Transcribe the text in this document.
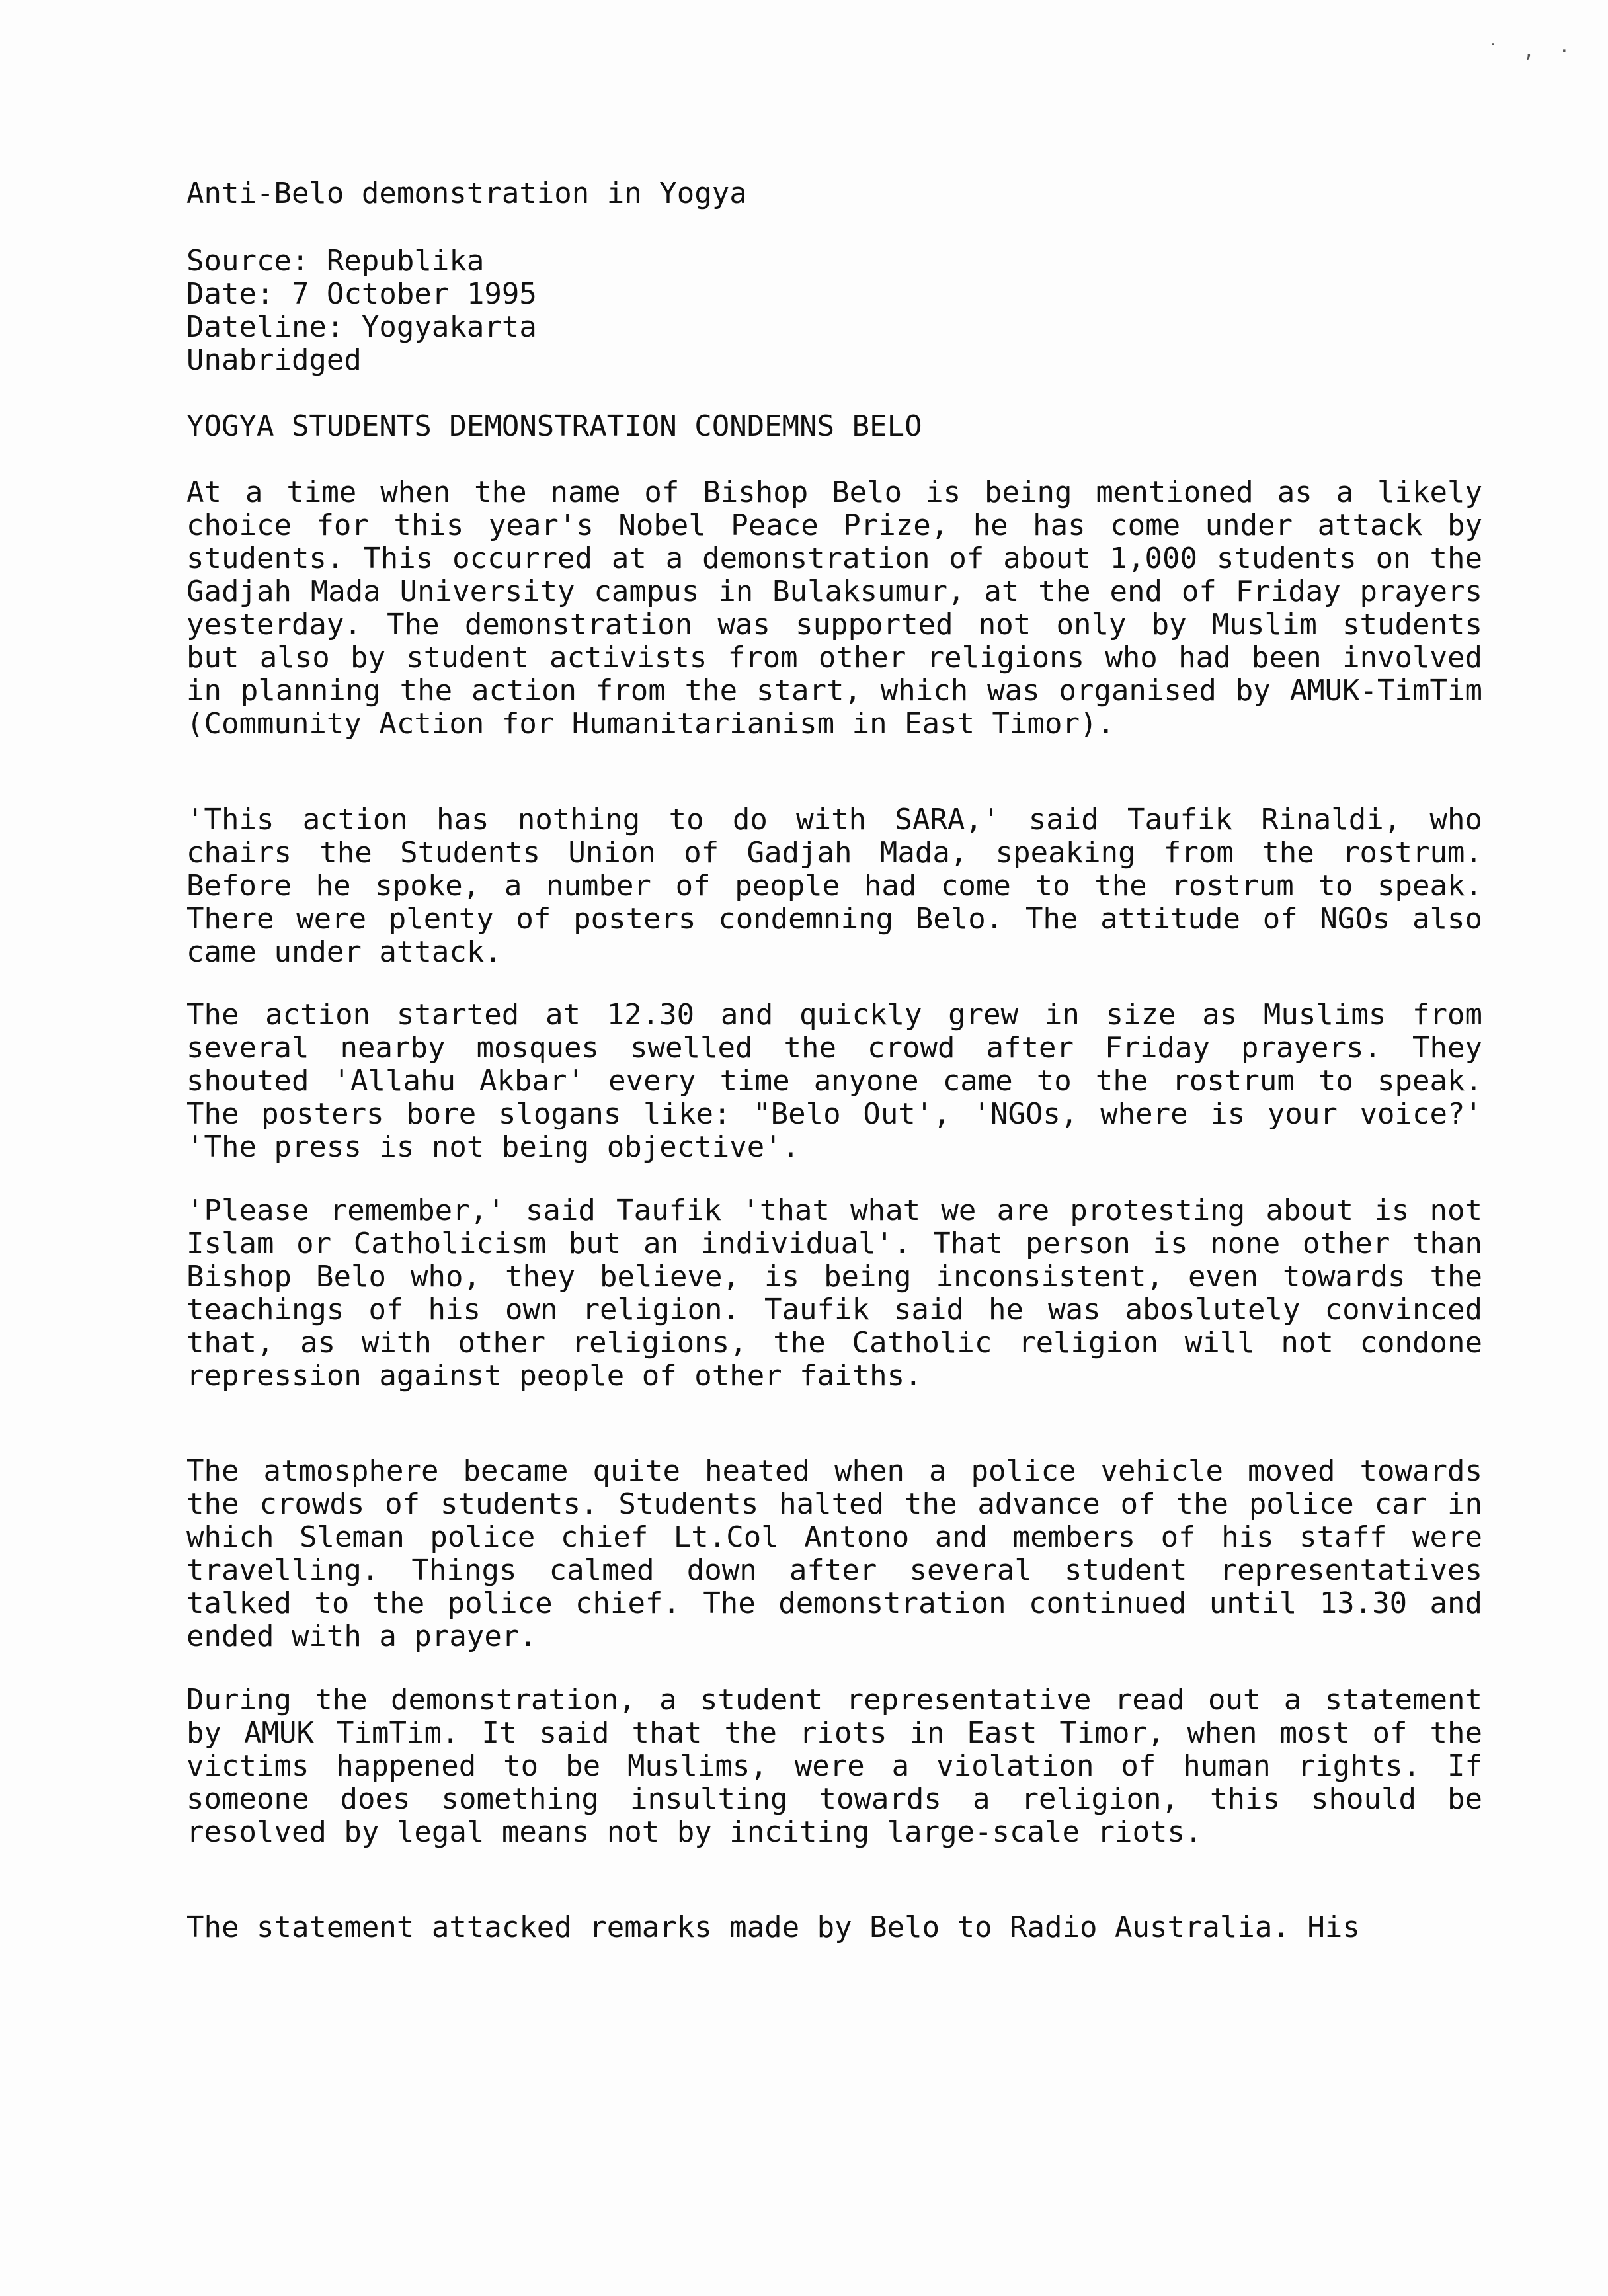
˙ , ·
Anti-Belo demonstration in Yogya
Source: Republika
Date: 7 October 1995
Dateline: Yogyakarta
Unabridged
YOGYA STUDENTS DEMONSTRATION CONDEMNS BELO

At a time when the name of Bishop Belo is being mentioned as a likely choice for this year's Nobel Peace Prize, he has come under attack by students. This occurred at a demonstration of about 1,000 students on the Gadjah Mada University campus in Bulaksumur, at the end of Friday prayers yesterday. The demonstration was supported not only by Muslim students but also by student activists from other religions who had been involved in planning the action from the start, which was organised by AMUK-TimTim (Community Action for Humanitarianism in East Timor).

'This action has nothing to do with SARA,' said Taufik Rinaldi, who chairs the Students Union of Gadjah Mada, speaking from the rostrum. Before he spoke, a number of people had come to the rostrum to speak. There were plenty of posters condemning Belo. The attitude of NGOs also came under attack.

The action started at 12.30 and quickly grew in size as Muslims from several nearby mosques swelled the crowd after Friday prayers. They shouted 'Allahu Akbar' every time anyone came to the rostrum to speak. The posters bore slogans like: "Belo Out', 'NGOs, where is your voice?' 'The press is not being objective'.

'Please remember,' said Taufik 'that what we are protesting about is not Islam or Catholicism but an individual'. That person is none other than Bishop Belo who, they believe, is being inconsistent, even towards the teachings of his own religion. Taufik said he was aboslutely convinced that, as with other religions, the Catholic religion will not condone repression against people of other faiths.

The atmosphere became quite heated when a police vehicle moved towards the crowds of students. Students halted the advance of the police car in which Sleman police chief Lt.Col Antono and members of his staff were travelling. Things calmed down after several student representatives talked to the police chief. The demonstration continued until 13.30 and ended with a prayer.

During the demonstration, a student representative read out a statement by AMUK TimTim. It said that the riots in East Timor, when most of the victims happened to be Muslims, were a violation of human rights. If someone does something insulting towards a religion, this should be resolved by legal means not by inciting large-scale riots.

The statement attacked remarks made by Belo to Radio Australia. His
